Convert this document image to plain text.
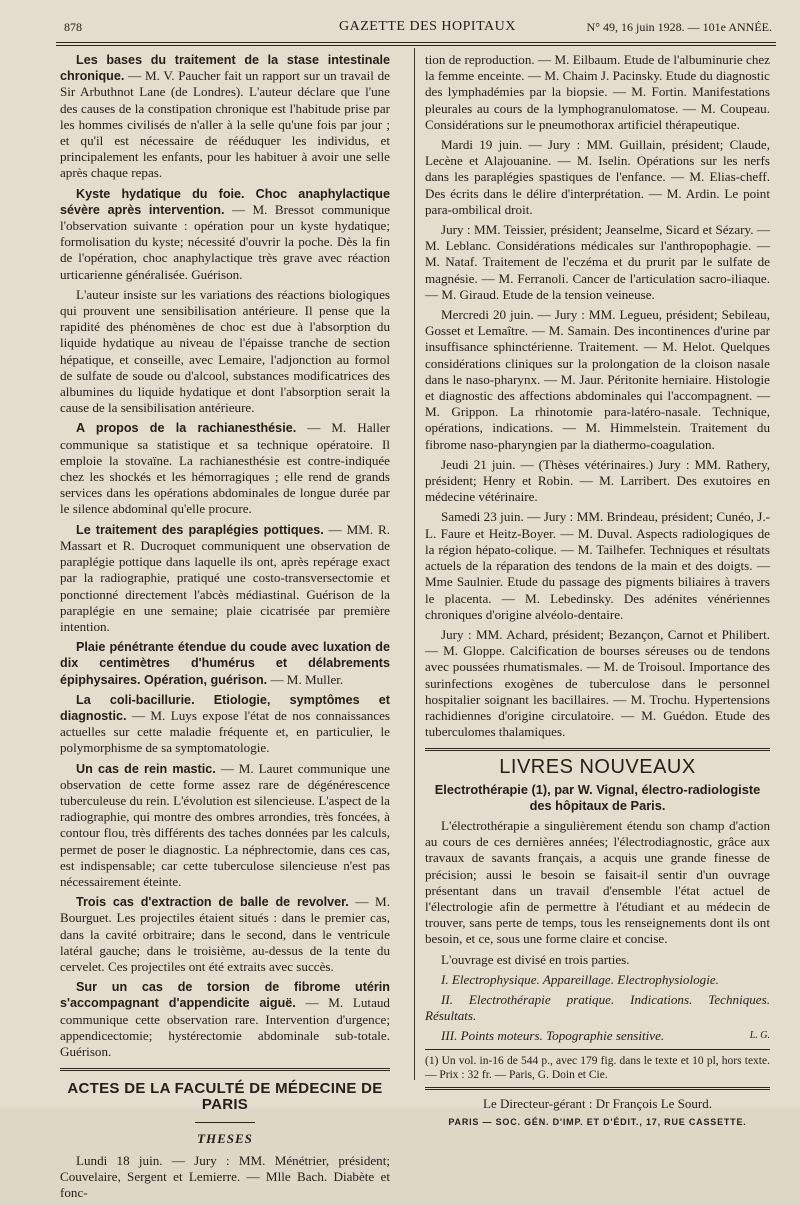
878	GAZETTE DES HOPITAUX	N° 49, 16 juin 1928. — 101e ANNÉE.

Les bases du traitement de la stase intestinale chronique. — M. V. Paucher fait un rapport sur un travail de Sir Arbuthnot Lane (de Londres). L'auteur déclare que l'une des causes de la constipation chronique est l'habitude prise par les hommes civilisés de n'aller à la selle qu'une fois par jour ; et qu'il est nécessaire de rééduquer les individus, et principalement les enfants, pour les habituer à avoir une selle après chaque repas.

Kyste hydatique du foie. Choc anaphylactique sévère après intervention. — M. Bressot communique l'observation suivante : opération pour un kyste hydatique; formolisation du kyste; nécessité d'ouvrir la poche. Dès la fin de l'opération, choc anaphylactique très grave avec réaction urticarienne généralisée. Guérison.

L'auteur insiste sur les variations des réactions biologiques qui prouvent une sensibilisation antérieure. Il pense que la rapidité des phénomènes de choc est due à l'absorption du liquide hydatique au niveau de l'épaisse tranche de section hépatique, et conseille, avec Lemaire, l'adjonction au formol de sulfate de soude ou d'alcool, substances modificatrices des albumines du liquide hydatique et dont l'absorption serait la cause de la sensibilisation antérieure.

A propos de la rachianesthésie. — M. Haller communique sa statistique et sa technique opératoire. Il emploie la stovaïne. La rachianesthésie est contre-indiquée chez les shockés et les hémorragiques ; elle rend de grands services dans les opérations abdominales de longue durée par le silence abdominal qu'elle procure.

Le traitement des paraplégies pottiques. — MM. R. Massart et R. Ducroquet communiquent une observation de paraplégie pottique dans laquelle ils ont, après repérage exact par la radiographie, pratiqué une costo-transversectomie et ponctionné directement l'abcès médiastinal. Guérison de la paraplégie en une semaine; plaie cicatrisée par première intention.

Plaie pénétrante étendue du coude avec luxation de dix centimètres d'humérus et délabrements épiphysaires. Opération, guérison. — M. Muller.

La coli-bacillurie. Etiologie, symptômes et diagnostic. — M. Luys expose l'état de nos connaissances actuelles sur cette maladie fréquente et, en particulier, le polymorphisme de sa symptomatologie.

Un cas de rein mastic. — M. Lauret communique une observation de cette forme assez rare de dégénérescence tuberculeuse du rein. L'évolution est silencieuse. L'aspect de la radiographie, qui montre des ombres arrondies, très foncées, à contour flou, très différents des taches données par les calculs, permet de poser le diagnostic. La néphrectomie, dans ces cas, est indispensable; car cette tuberculose silencieuse n'est pas nécessairement éteinte.

Trois cas d'extraction de balle de revolver. — M. Bourguet. Les projectiles étaient situés : dans le premier cas, dans la cavité orbitraire; dans le second, dans le ventricule latéral gauche; dans le troisième, au-dessus de la tente du cervelet. Ces projectiles ont été extraits avec succès.

Sur un cas de torsion de fibrome utérin s'accompagnant d'appendicite aiguë. — M. Lutaud communique cette observation rare. Intervention d'urgence; appendicectomie; hystérectomie abdominale sub-totale. Guérison.

ACTES DE LA FACULTÉ DE MÉDECINE DE PARIS
THESES

Lundi 18 juin. — Jury : MM. Ménétrier, président; Couvelaire, Sergent et Lemierre. — Mlle Bach. Diabète et fonc-

tion de reproduction. — M. Eilbaum. Etude de l'albuminurie chez la femme enceinte. — M. Chaim J. Pacinsky. Etude du diagnostic des lymphadémies par la biopsie. — M. Fortin. Manifestations pleurales au cours de la lymphogranulomatose. — M. Coupeau. Considérations sur le pneumothorax artificiel thérapeutique.

Mardi 19 juin. — Jury : MM. Guillain, président; Claude, Lecène et Alajouanine. — M. Iselin. Opérations sur les nerfs dans les paraplégies spastiques de l'enfance. — M. Elias-cheff. Des écrits dans le délire d'interprétation. — M. Ardin. Le point para-ombilical droit.

Jury : MM. Teissier, président; Jeanselme, Sicard et Sézary. — M. Leblanc. Considérations médicales sur l'anthropophagie. — M. Nataf. Traitement de l'eczéma et du prurit par le sulfate de magnésie. — M. Ferranoli. Cancer de l'articulation sacro-iliaque. — M. Giraud. Etude de la tension veineuse.

Mercredi 20 juin. — Jury : MM. Legueu, président; Sebileau, Gosset et Lemaître. — M. Samain. Des incontinences d'urine par insuffisance sphinctérienne. Traitement. — M. Helot. Quelques considérations cliniques sur la prolongation de la cloison nasale dans le naso-pharynx. — M. Jaur. Péritonite herniaire. Histologie et diagnostic des affections abdominales qui l'accompagnent. — M. Grippon. La rhinotomie para-latéro-nasale. Technique, opérations, indications. — M. Himmelstein. Traitement du fibrome naso-pharyngien par la diathermo-coagulation.

Jeudi 21 juin. — (Thèses vétérinaires.) Jury : MM. Rathery, président; Henry et Robin. — M. Larribert. Des exutoires en médecine vétérinaire.

Samedi 23 juin. — Jury : MM. Brindeau, président; Cunéo, J.-L. Faure et Heitz-Boyer. — M. Duval. Aspects radiologiques de la région hépato-colique. — M. Tailhefer. Techniques et résultats actuels de la réparation des tendons de la main et des doigts. — Mme Saulnier. Etude du passage des pigments biliaires à travers le placenta. — M. Lebedinsky. Des adénites vénériennes chroniques d'origine alvéolo-dentaire.

Jury : MM. Achard, président; Bezançon, Carnot et Philibert. — M. Gloppe. Calcification de bourses séreuses ou de tendons avec poussées rhumatismales. — M. de Troisoul. Importance des surinfections exogènes de tuberculose dans le personnel hospitalier soignant les bacillaires. — M. Trochu. Hypertensions rachidiennes d'origine circulatoire. — M. Guédon. Etude des tuberculomes thalamiques.

LIVRES NOUVEAUX

Electrothérapie (1), par W. Vignal, électro-radiologiste des hôpitaux de Paris.

L'électrothérapie a singulièrement étendu son champ d'action au cours de ces dernières années; l'électrodiagnostic, grâce aux travaux de savants français, a acquis une grande finesse de précision; aussi le besoin se faisait-il sentir d'un ouvrage présentant dans un travail d'ensemble l'état actuel de l'électrologie afin de permettre à l'étudiant et au médecin de trouver, sans perte de temps, tous les renseignements dont ils ont besoin, et ce, sous une forme claire et concise.

L'ouvrage est divisé en trois parties.

I. Electrophysique. Appareillage. Electrophysiologie.

II. Electrothérapie pratique. Indications. Techniques. Résultats.

III. Points moteurs. Topographie sensitive.	L. G.

(1) Un vol. in-16 de 544 p., avec 179 fig. dans le texte et 10 pl, hors texte. — Prix : 32 fr. — Paris, G. Doin et Cie.

Le Directeur-gérant : Dr François Le Sourd.

PARIS — SOC. GÉN. D'IMP. ET D'ÉDIT., 17, RUE CASSETTE.
